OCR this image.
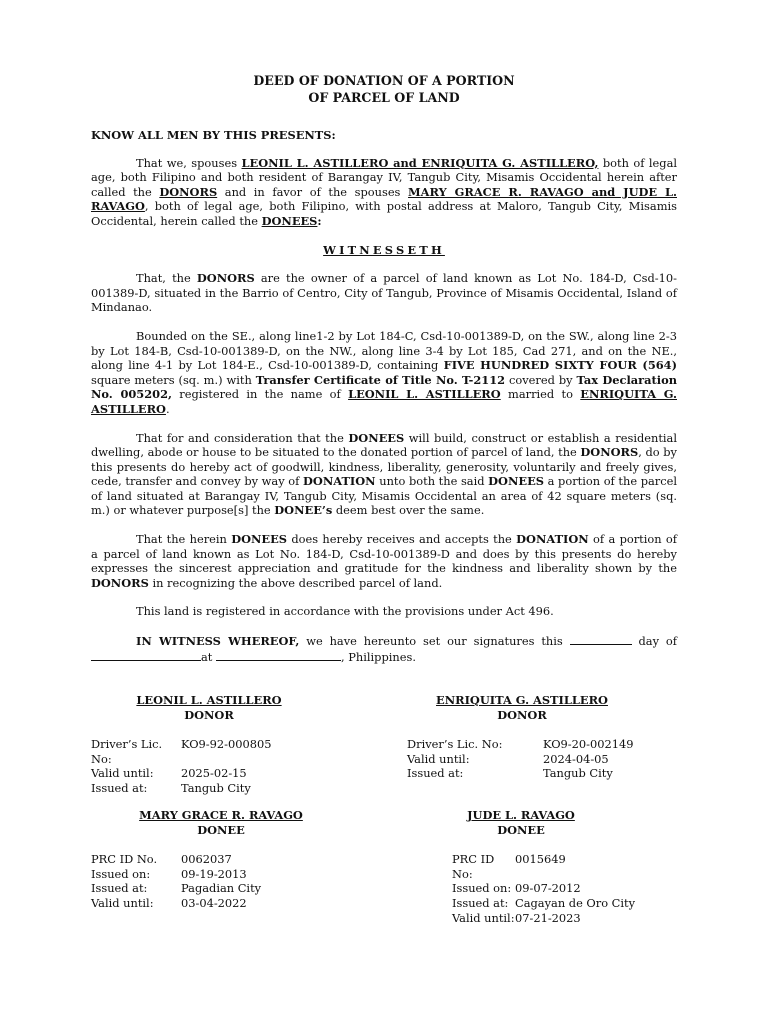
DEED OF DONATION OF A PORTION
OF PARCEL OF LAND
KNOW ALL MEN BY THIS PRESENTS:

That we, spouses LEONIL L. ASTILLERO and ENRIQUITA G. ASTILLERO, both of legal age, both Filipino and both resident of Barangay IV, Tangub City, Misamis Occidental herein after called the DONORS and in favor of the spouses MARY GRACE R. RAVAGO and JUDE L. RAVAGO, both of legal age, both Filipino, with postal address at Maloro, Tangub City, Misamis Occidental, herein called the DONEES:

WITNESSETH

That, the DONORS are the owner of a parcel of land known as Lot No. 184-D, Csd-10-001389-D, situated in the Barrio of Centro, City of Tangub, Province of Misamis Occidental, Island of Mindanao.

Bounded on the SE., along line1-2 by Lot 184-C, Csd-10-001389-D, on the SW., along line 2-3 by Lot 184-B, Csd-10-001389-D, on the NW., along line 3-4 by Lot 185, Cad 271, and on the NE., along line 4-1 by Lot 184-E., Csd-10-001389-D, containing FIVE HUNDRED SIXTY FOUR (564) square meters (sq. m.) with Transfer Certificate of Title No. T-2112 covered by Tax Declaration No. 005202, registered in the name of LEONIL L. ASTILLERO married to ENRIQUITA G. ASTILLERO.

That for and consideration that the DONEES will build, construct or establish a residential dwelling, abode or house to be situated to the donated portion of parcel of land, the DONORS, do by this presents do hereby act of goodwill, kindness, liberality, generosity, voluntarily and freely gives, cede, transfer and convey by way of DONATION unto both the said DONEES a portion of the parcel of land situated at Barangay IV, Tangub City, Misamis Occidental an area of 42 square meters (sq. m.) or whatever purpose[s] the DONEE’s deem best over the same.

That the herein DONEES does hereby receives and accepts the DONATION of a portion of a parcel of land known as Lot No. 184-D, Csd-10-001389-D and does by this presents do hereby expresses the sincerest appreciation and gratitude for the kindness and liberality shown by the DONORS in recognizing the above described parcel of land.

This land is registered in accordance with the provisions under Act 496.

IN WITNESS WHEREOF, we have hereunto set our signatures this	day of at	, Philippines.

LEONIL L. ASTILLERO
DONOR
Driver’s Lic. No:
KO9-92-000805
Valid until:	2025-02-15
Issued at:	Tangub City
ENRIQUITA G. ASTILLERO
DONOR
Driver’s Lic. No:	KO9-20-002149
Valid until:	2024-04-05
Issued at:	Tangub City
MARY GRACE R. RAVAGO
DONEE
PRC ID No.	0062037
Issued on:	09-19-2013
Issued at:	Pagadian City
Valid until:	03-04-2022
JUDE L. RAVAGO
DONEE
PRC ID No:
0015649
Issued on: 09-07-2012
Issued at: Cagayan de Oro City
Valid until: 07-21-2023
